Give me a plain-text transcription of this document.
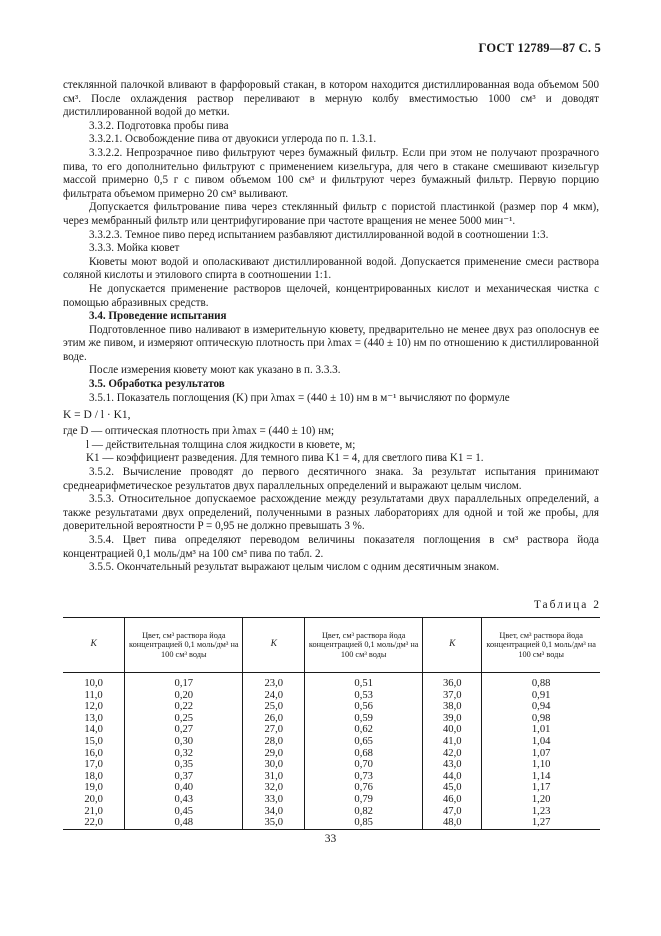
ГОСТ 12789—87 С. 5

стеклянной палочкой вливают в фарфоровый стакан, в котором находится дистиллированная вода объемом 500 см³. После охлаждения раствор переливают в мерную колбу вместимостью 1000 см³ и доводят дистиллированной водой до метки.

3.3.2. Подготовка пробы пива

3.3.2.1. Освобождение пива от двуокиси углерода по п. 1.3.1.

3.3.2.2. Непрозрачное пиво фильтруют через бумажный фильтр. Если при этом не получают прозрачного пива, то его дополнительно фильтруют с применением кизельгура, для чего в стакане смешивают кизельгур массой примерно 0,5 г с пивом объемом 100 см³ и фильтруют через бумажный фильтр. Первую порцию фильтрата объемом примерно 20 см³ выливают.

Допускается фильтрование пива через стеклянный фильтр с пористой пластинкой (размер пор 4 мкм), через мембранный фильтр или центрифугирование при частоте вращения не менее 5000 мин⁻¹.

3.3.2.3. Темное пиво перед испытанием разбавляют дистиллированной водой в соотношении 1:3.

3.3.3. Мойка кювет

Кюветы моют водой и ополаскивают дистиллированной водой. Допускается применение смеси раствора соляной кислоты и этилового спирта в соотношении 1:1.

Не допускается применение растворов щелочей, концентрированных кислот и механическая чистка с помощью абразивных средств.

3.4. Проведение испытания

Подготовленное пиво наливают в измерительную кювету, предварительно не менее двух раз ополоснув ее этим же пивом, и измеряют оптическую плотность при λmax = (440 ± 10) нм по отношению к дистиллированной воде.

После измерения кювету моют как указано в п. 3.3.3.

3.5. Обработка результатов

3.5.1. Показатель поглощения (K) при λmax = (440 ± 10) нм в м⁻¹ вычисляют по формуле

K = D / l · K1,

где D — оптическая плотность при λmax = (440 ± 10) нм;

l — действительная толщина слоя жидкости в кювете, м;

K1 — коэффициент разведения. Для темного пива K1 = 4, для светлого пива K1 = 1.

3.5.2. Вычисление проводят до первого десятичного знака. За результат испытания принимают среднеарифметическое результатов двух параллельных определений и выражают целым числом.

3.5.3. Относительное допускаемое расхождение между результатами двух параллельных определений, а также результатами двух определений, полученными в разных лабораториях для одной и той же пробы, для доверительной вероятности P = 0,95 не должно превышать 3 %.

3.5.4. Цвет пива определяют переводом величины показателя поглощения в см³ раствора йода концентрацией 0,1 моль/дм³ на 100 см³ пива по табл. 2.

3.5.5. Окончательный результат выражают целым числом с одним десятичным знаком.

Таблица 2
K	Цвет, см³ раствора йода концентрацией 0,1 моль/дм³ на 100 см³ воды	K	Цвет, см³ раствора йода концентрацией 0,1 моль/дм³ на 100 см³ воды	K	Цвет, см³ раствора йода концентрацией 0,1 моль/дм³ на 100 см³ воды
10,0	0,17	23,0	0,51	36,0	0,88
11,0	0,20	24,0	0,53	37,0	0,91
12,0	0,22	25,0	0,56	38,0	0,94
13,0	0,25	26,0	0,59	39,0	0,98
14,0	0,27	27,0	0,62	40,0	1,01
15,0	0,30	28,0	0,65	41,0	1,04
16,0	0,32	29,0	0,68	42,0	1,07
17,0	0,35	30,0	0,70	43,0	1,10
18,0	0,37	31,0	0,73	44,0	1,14
19,0	0,40	32,0	0,76	45,0	1,17
20,0	0,43	33,0	0,79	46,0	1,20
21,0	0,45	34,0	0,82	47,0	1,23
22,0	0,48	35,0	0,85	48,0	1,27
33
